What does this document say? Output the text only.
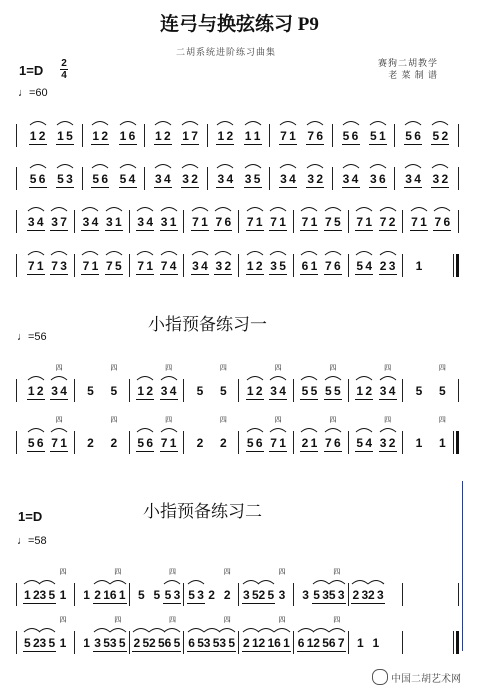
连弓与换弦练习 P9
二胡系统进阶练习曲集
赛狗二胡教学
老 菜 制 谱
1=D 2
4
♩=60
1 2 1 5 1 2 1 6 1 2 1 7 1 2 1 1 7 1 7 6 5 6 5 1 5 6 5 2
5 6 5 3 5 6 5 4 3 4 3 2 3 4 3 5 3 4 3 2 3 4 3 6 3 4 3 2
3 4 3 7 3 4 3 1 3 4 3 1 7 1 7 6 7 1 7 1 7 1 7 5 7 1 7 2 7 1 7 6
7 1 7 3 7 1 7 5 7 1 7 4 3 4 3 2 1 2 3 5 6 1 7 6 5 4 2 3 1
小指预备练习一
♩=56
1 2 3 4
四
5 5
四
1 2 3 4
四
5 5
四
1 2 3 4
四
5 5 5 5
四
1 2 3 4
四
5 5
四
5 6 7 1
四
2 2
四
5 6 7 1
四
2 2
四
5 6 7 1
四
2 1 7 6
四
5 4 3 2
四
1 1
四
小指预备练习二
1=D
♩=58
1 2 3 5 1
四
1 2 1 6 1
四
5 5 5 3
四
5 3 2 2
四
3 5 2 5 3
四
3 5 3 5 3
四
2 3 2 3
5 2 3 5 1
四
1 3 5 3 5
四
2 5 2 5 6 5
四
6 5 3 5 3 5
四
2 1 2 1 6 1
四
6 1 2 5 6 7
四
1 1
中国二胡艺术网
